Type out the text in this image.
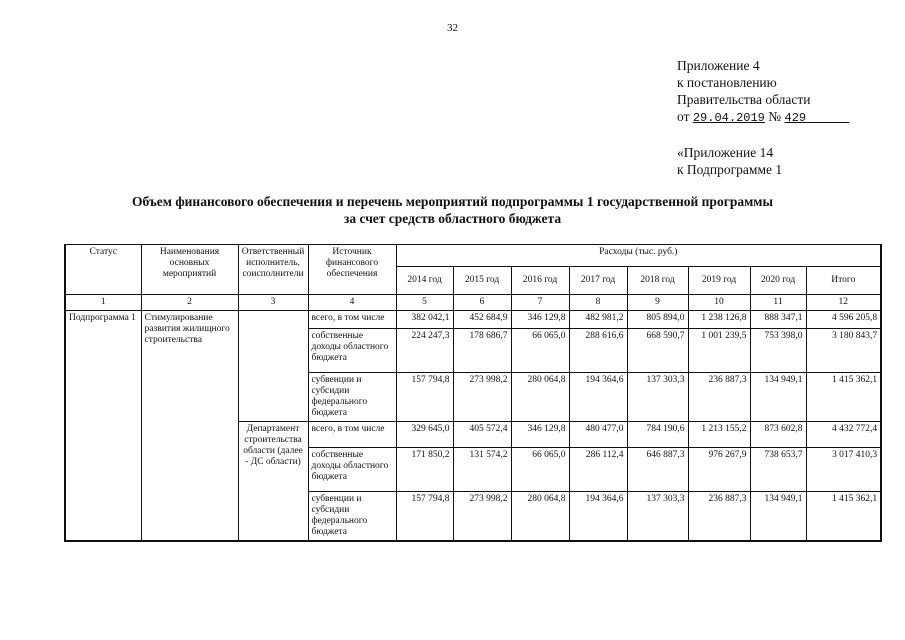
32
Приложение 4
к постановлению
Правительства области
от 29.04.2019 № 429
«Приложение 14
к Подпрограмме 1
Объем финансового обеспечения и перечень мероприятий подпрограммы 1 государственной программы
за счет средств областного бюджета
Статус	Наименования основных мероприятий	Ответственный исполнитель, соисполнители	Источник финансового обеспечения	Расходы (тыс. руб.)							
				2014 год	2015 год	2016 год	2017 год	2018 год	2019 год	2020 год	Итого
1	2	3	4	5	6	7	8	9	10	11	12
Подпрограмма 1	Стимулирование развития жилищного строительства		всего, в том числе	382 042,1	452 684,9	346 129,8	482 981,2	805 894,0	1 238 126,8	888 347,1	4 596 205,8
			собственные доходы областного бюджета	224 247,3	178 686,7	66 065,0	288 616,6	668 590,7	1 001 239,5	753 398,0	3 180 843,7
			субвенции и субсидии федерального бюджета	157 794,8	273 998,2	280 064,8	194 364,6	137 303,3	236 887,3	134 949,1	1 415 362,1
		Департамент строительства области (далее - ДС области)	всего, в том числе	329 645,0	405 572,4	346 129,8	480 477,0	784 190,6	1 213 155,2	873 602,8	4 432 772,4
			собственные доходы областного бюджета	171 850,2	131 574,2	66 065,0	286 112,4	646 887,3	976 267,9	738 653,7	3 017 410,3
			субвенции и субсидии федерального бюджета	157 794,8	273 998,2	280 064,8	194 364,6	137 303,3	236 887,3	134 949,1	1 415 362,1
